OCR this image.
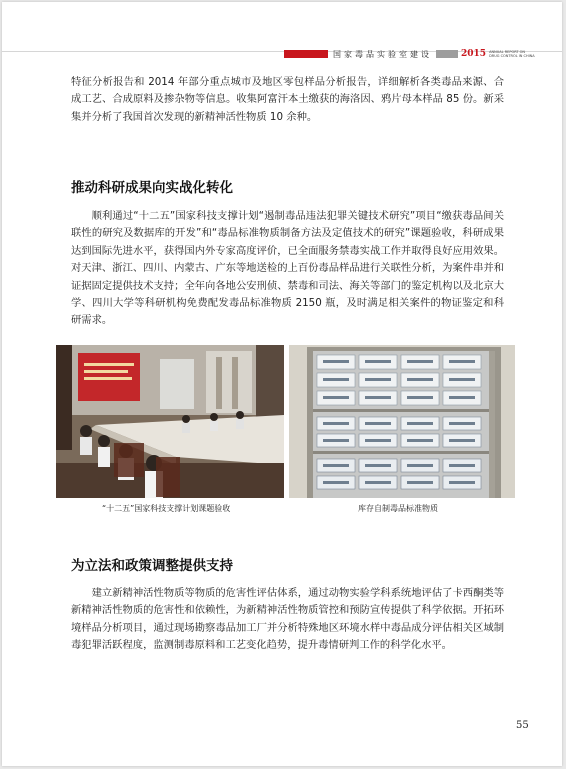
国家毒品实验室建设	2015 ANNUAL REPORT ON DRUG CONTROL IN CHINA

特征分析报告和 2014 年部分重点城市及地区零包样品分析报告，详细解析各类毒品来源、合成工艺、合成原料及掺杂物等信息。收集阿富汗本土缴获的海洛因、鸦片母本样品 85 份。新采集并分析了我国首次发现的新精神活性物质 10 余种。

推动科研成果向实战化转化

顺利通过“十二五”国家科技支撑计划“遏制毒品违法犯罪关键技术研究”项目“缴获毒品间关联性的研究及数据库的开发”和“毒品标准物质制备方法及定值技术的研究”课题验收，科研成果达到国际先进水平，获得国内外专家高度评价，已全面服务禁毒实战工作并取得良好应用效果。对天津、浙江、四川、内蒙古、广东等地送检的上百份毒品样品进行关联性分析，为案件串并和证据固定提供技术支持；全年向各地公安刑侦、禁毒和司法、海关等部门的鉴定机构以及北京大学、四川大学等科研机构免费配发毒品标准物质 2150 瓶，及时满足相关案件的物证鉴定和科研需求。

“十二五”国家科技支撑计划课题验收	库存自制毒品标准物质
为立法和政策调整提供支持

建立新精神活性物质等物质的危害性评估体系，通过动物实验学科系统地评估了卡西酮类等新精神活性物质的危害性和依赖性，为新精神活性物质管控和预防宣传提供了科学依据。开拓环境样品分析项目，通过现场勘察毒品加工厂并分析特殊地区环境水样中毒品成分评估相关区域制毒犯罪活跃程度，监测制毒原料和工艺变化趋势，提升毒情研判工作的科学化水平。

55
